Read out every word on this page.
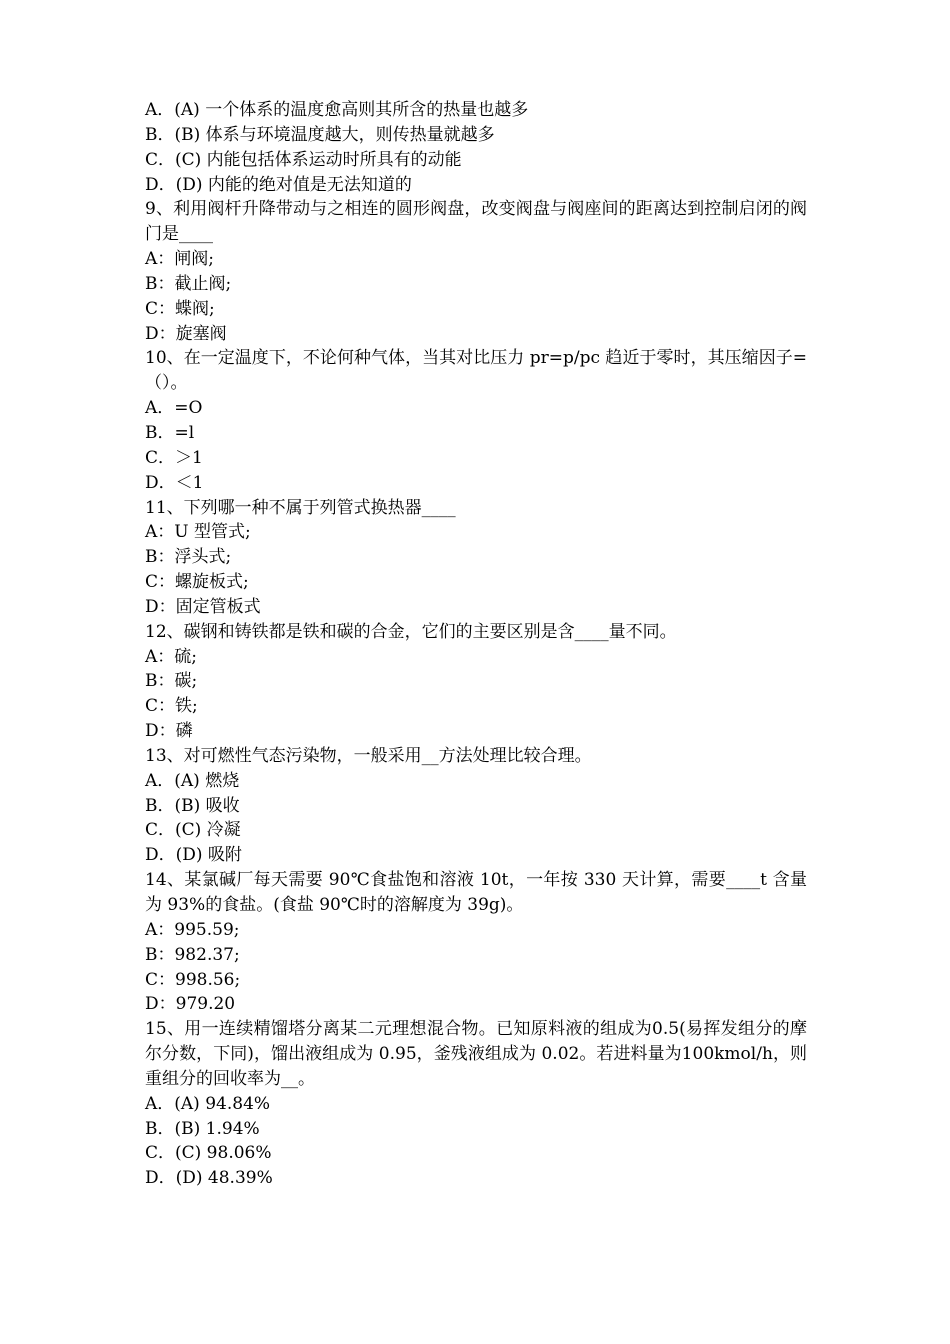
A．(A) 一个体系的温度愈高则其所含的热量也越多
B．(B) 体系与环境温度越大，则传热量就越多
C．(C) 内能包括体系运动时所具有的动能
D．(D) 内能的绝对值是无法知道的
9、利用阀杆升降带动与之相连的圆形阀盘，改变阀盘与阀座间的距离达到控制启闭的阀门是____
A：闸阀;
B：截止阀;
C：蝶阀;
D：旋塞阀
10、在一定温度下，不论何种气体，当其对比压力 pr=p/pc 趋近于零时，其压缩因子=（）。
A．=O
B．=l
C．＞1
D．＜1
11、下列哪一种不属于列管式换热器____
A：U 型管式;
B：浮头式;
C：螺旋板式;
D：固定管板式
12、碳钢和铸铁都是铁和碳的合金，它们的主要区别是含____量不同。
A：硫;
B：碳;
C：铁;
D：磷
13、对可燃性气态污染物，一般采用__方法处理比较合理。
A．(A) 燃烧
B．(B) 吸收
C．(C) 冷凝
D．(D) 吸附
14、某氯碱厂每天需要 90℃食盐饱和溶液 10t，一年按 330 天计算，需要____t 含量为 93%的食盐。(食盐 90℃时的溶解度为 39g)。
A：995.59;
B：982.37;
C：998.56;
D：979.20
15、用一连续精馏塔分离某二元理想混合物。已知原料液的组成为0.5(易挥发组分的摩尔分数，下同)，馏出液组成为 0.95，釜残液组成为 0.02。若进料量为100kmol/h，则重组分的回收率为__。
A．(A) 94.84%
B．(B) 1.94%
C．(C) 98.06%
D．(D) 48.39%
